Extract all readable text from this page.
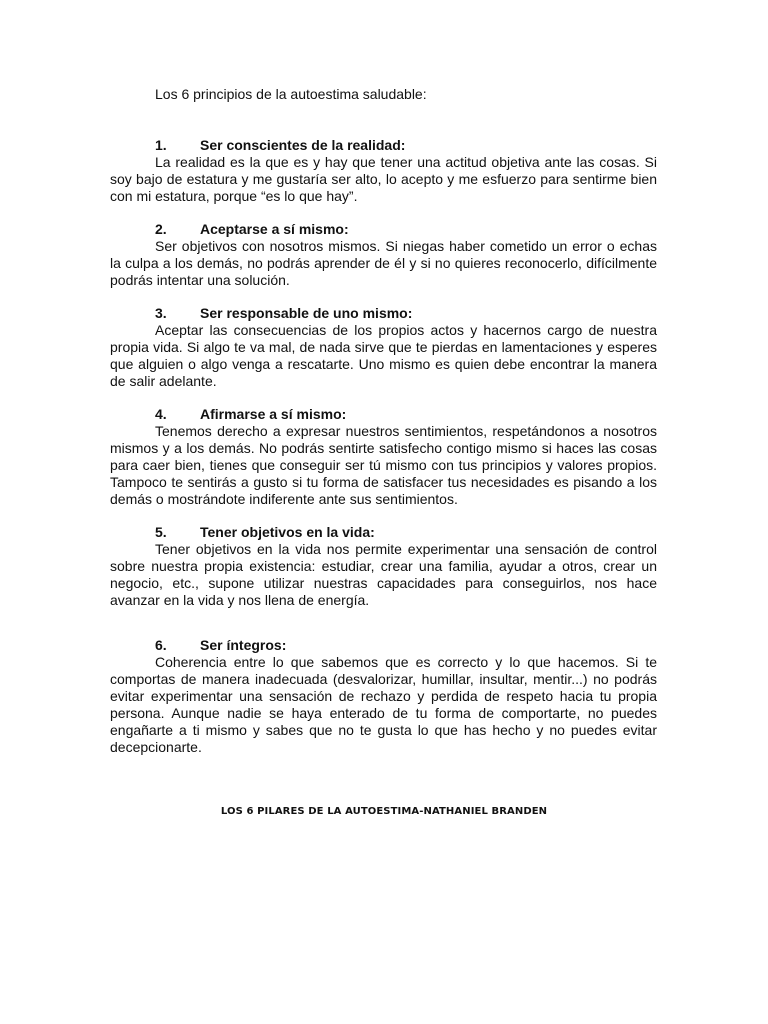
Los 6 principios de la autoestima saludable:

1. Ser conscientes de la realidad:

La realidad es la que es y hay que tener una actitud objetiva ante las cosas. Si soy bajo de estatura y me gustaría ser alto, lo acepto y me esfuerzo para sentirme bien con mi estatura, porque “es lo que hay”.

2. Aceptarse a sí mismo:

Ser objetivos con nosotros mismos. Si niegas haber cometido un error o echas la culpa a los demás, no podrás aprender de él y si no quieres reconocerlo, difícilmente podrás intentar una solución.

3. Ser responsable de uno mismo:

Aceptar las consecuencias de los propios actos y hacernos cargo de nuestra propia vida. Si algo te va mal, de nada sirve que te pierdas en lamentaciones y esperes que alguien o algo venga a rescatarte. Uno mismo es quien debe encontrar la manera de salir adelante.

4. Afirmarse a sí mismo:

Tenemos derecho a expresar nuestros sentimientos, respetándonos a nosotros mismos y a los demás. No podrás sentirte satisfecho contigo mismo si haces las cosas para caer bien, tienes que conseguir ser tú mismo con tus principios y valores propios. Tampoco te sentirás a gusto si tu forma de satisfacer tus necesidades es pisando a los demás o mostrándote indiferente ante sus sentimientos.

5. Tener objetivos en la vida:

Tener objetivos en la vida nos permite experimentar una sensación de control sobre nuestra propia existencia: estudiar, crear una familia, ayudar a otros, crear un negocio, etc., supone utilizar nuestras capacidades para conseguirlos, nos hace avanzar en la vida y nos llena de energía.

6. Ser íntegros:

Coherencia entre lo que sabemos que es correcto y lo que hacemos. Si te comportas de manera inadecuada (desvalorizar, humillar, insultar, mentir...) no podrás evitar experimentar una sensación de rechazo y perdida de respeto hacia tu propia persona. Aunque nadie se haya enterado de tu forma de comportarte, no puedes engañarte a ti mismo y sabes que no te gusta lo que has hecho y no puedes evitar decepcionarte.

LOS 6 PILARES DE LA AUTOESTIMA-NATHANIEL BRANDEN
